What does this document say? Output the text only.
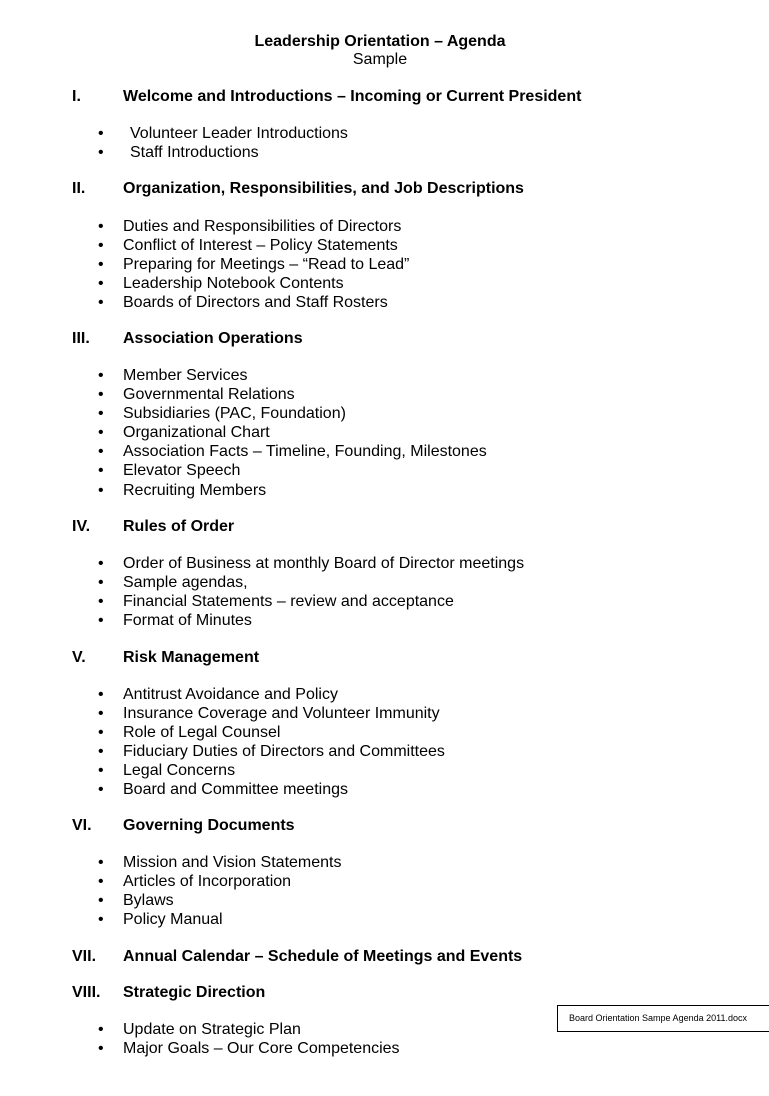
Leadership Orientation – Agenda
Sample
I.	Welcome and Introductions – Incoming or Current President
• Volunteer Leader Introductions
• Staff Introductions
II. Organization, Responsibilities, and Job Descriptions
• Duties and Responsibilities of Directors
• Conflict of Interest – Policy Statements
• Preparing for Meetings – “Read to Lead”
• Leadership Notebook Contents
• Boards of Directors and Staff Rosters
III. Association Operations
• Member Services
• Governmental Relations
• Subsidiaries (PAC, Foundation)
• Organizational Chart
• Association Facts – Timeline, Founding, Milestones
• Elevator Speech
• Recruiting Members
IV. Rules of Order
• Order of Business at monthly Board of Director meetings
• Sample agendas,
• Financial Statements – review and acceptance
• Format of Minutes
V. Risk Management
• Antitrust Avoidance and Policy
• Insurance Coverage and Volunteer Immunity
• Role of Legal Counsel
• Fiduciary Duties of Directors and Committees
• Legal Concerns
• Board and Committee meetings
VI. Governing Documents
• Mission and Vision Statements
• Articles of Incorporation
• Bylaws
• Policy Manual
VII. Annual Calendar – Schedule of Meetings and Events
VIII. Strategic Direction
• Update on Strategic Plan
• Major Goals – Our Core Competencies
Board Orientation Sampe Agenda 2011.docx
